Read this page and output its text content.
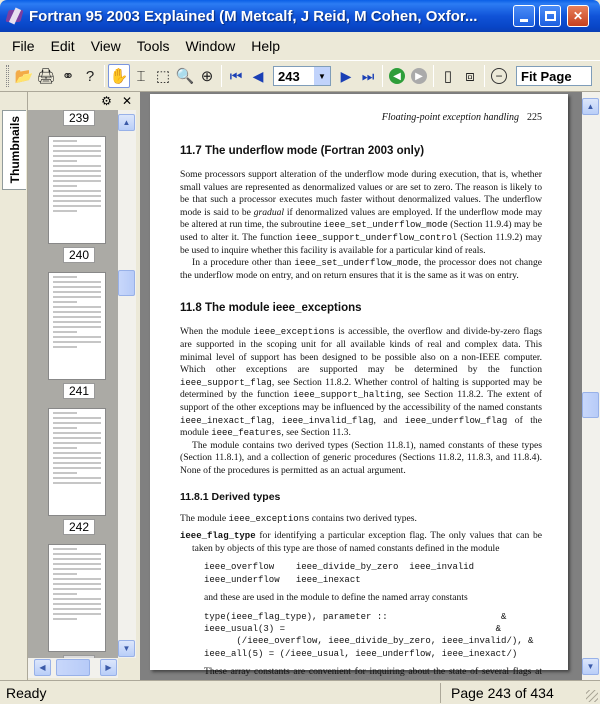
Fortran 95 2003 Explained (M Metcalf, J Reid, M Cohen, Oxfor...	✕
File	Edit	View	Tools	Window	Help
📂 🖨 ⚭ ?	✋ ⌶ ⬚ 🔍 ⊕	⏮ ◀	243	▼	▶ ⏭	◀	▶	▯ ⧈	−	Fit Page
Thumbnails
⚙ ✕
239
240
241
242
▲
▼
◀	▶
Floating-point exception handling 225
11.7 The underflow mode (Fortran 2003 only)

Some processors support alteration of the underflow mode during execution, that is, whether small values are represented as denormalized values or are set to zero. The reason is likely to be that such a processor executes much faster without denormalized values. The underflow mode is said to be gradual if denormalized values are employed. If the underflow mode may be altered at run time, the subroutine ieee_set_underflow_mode (Section 11.9.4) may be used to alter it. The function ieee_support_underflow_control (Section 11.9.2) may be used to inquire whether this facility is available for a particular kind of reals.

In a procedure other than ieee_set_underflow_mode, the processor does not change the underflow mode on entry, and on return ensures that it is the same as it was on entry.

11.8 The module ieee_exceptions

When the module ieee_exceptions is accessible, the overflow and divide-by-zero flags are supported in the scoping unit for all available kinds of real and complex data. This minimal level of support has been designed to be possible also on a non-IEEE computer. Which other exceptions are supported may be determined by the function ieee_support_flag, see Section 11.8.2. Whether control of halting is supported may be determined by the function ieee_support_halting, see Section 11.8.2. The extent of support of the other exceptions may be influenced by the accessibility of the named constants ieee_inexact_flag, ieee_invalid_flag, and ieee_underflow_flag of the module ieee_features, see Section 11.3.

The module contains two derived types (Section 11.8.1), named constants of these types (Section 11.8.1), and a collection of generic procedures (Sections 11.8.2, 11.8.3, and 11.8.4). None of the procedures is permitted as an actual argument.

11.8.1 Derived types

The module ieee_exceptions contains two derived types.

ieee_flag_type for identifying a particular exception flag. The only values that can be taken by objects of this type are those of named constants defined in the module

ieee_overflow    ieee_divide_by_zero  ieee_invalid
ieee_underflow   ieee_inexact

and these are used in the module to define the named array constants

type(ieee_flag_type), parameter ::                     &
ieee_usual(3) =                                       &
(/ieee_overflow, ieee_divide_by_zero, ieee_invalid/), &
ieee_all(5) = (/ieee_usual, ieee_underflow, ieee_inexact/)

These array constants are convenient for inquiring about the state of several flags at

▲
▼
Ready	Page 243 of 434
